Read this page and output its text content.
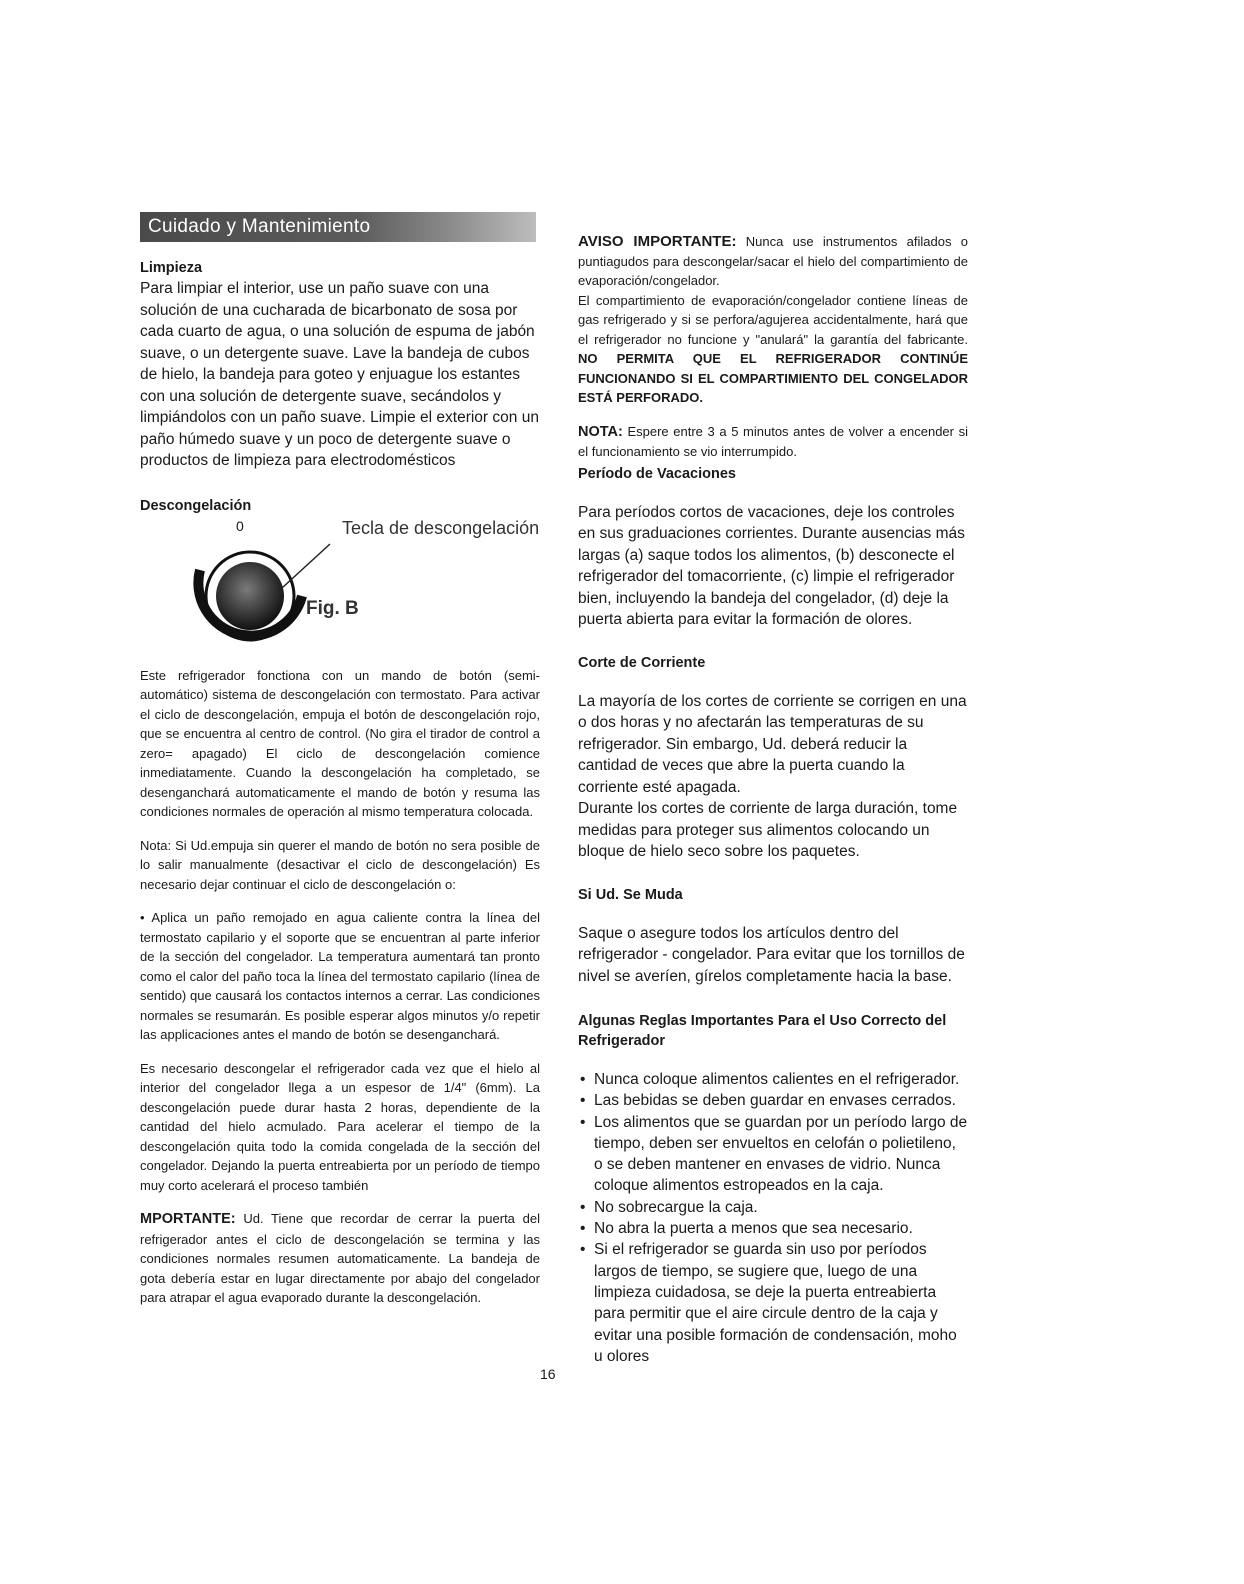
Cuidado y Mantenimiento

Limpieza

Para limpiar el interior, use un paño suave con una solución de una cucharada de bicarbonato de sosa por cada cuarto de agua, o una solución de espuma de jabón suave, o un detergente suave. Lave la bandeja de cubos de hielo, la bandeja para goteo y enjuague los estantes con una solución de detergente suave, secándolos y limpiándolos con un paño suave. Limpie el exterior con un paño húmedo suave y un poco de detergente suave o productos de limpieza para electrodomésticos

Descongelación

0	Tecla de descongelación
Fig. B

Este refrigerador fonctiona con un mando de botón (semi-automático) sistema de descongelación con termostato. Para activar el ciclo de descongelación, empuja el botón de descongelación rojo, que se encuentra al centro de control. (No gira el tirador de control a zero= apagado) El ciclo de descongelación comience inmediatamente. Cuando la descongelación ha completado, se desenganchará automaticamente el mando de botón y resuma las condiciones normales de operación al mismo temperatura colocada.

Nota: Si Ud.empuja sin querer el mando de botón no sera posible de lo salir manualmente (desactivar el ciclo de descongelación) Es necesario dejar continuar el ciclo de descongelación o:

• Aplica un paño remojado en agua caliente contra la línea del termostato capilario y el soporte que se encuentran al parte inferior de la sección del congelador. La temperatura aumentará tan pronto como el calor del paño toca la línea del termostato capilario (línea de sentido) que causará los contactos internos a cerrar. Las condiciones normales se resumarán. Es posible esperar algos minutos y/o repetir las applicaciones antes el mando de botón se desenganchará.

Es necesario descongelar el refrigerador cada vez que el hielo al interior del congelador llega a un espesor de 1/4" (6mm). La descongelación puede durar hasta 2 horas, dependiente de la cantidad del hielo acmulado. Para acelerar el tiempo de la descongelación quita todo la comida congelada de la sección del congelador. Dejando la puerta entreabierta por un período de tiempo muy corto acelerará el proceso también

MPORTANTE: Ud. Tiene que recordar de cerrar la puerta del refrigerador antes el ciclo de descongelación se termina y las condiciones normales resumen automaticamente. La bandeja de gota debería estar en lugar directamente por abajo del congelador para atrapar el agua evaporado durante la descongelación.

16

AVISO IMPORTANTE: Nunca use instrumentos afilados o puntiagudos para descongelar/sacar el hielo del compartimiento de evaporación/congelador.

El compartimiento de evaporación/congelador contiene líneas de gas refrigerado y si se perfora/agujerea accidentalmente, hará que el refrigerador no funcione y "anulará" la garantía del fabricante. NO PERMITA QUE EL REFRIGERADOR CONTINÚE FUNCIONANDO SI EL COMPARTIMIENTO DEL CONGELADOR ESTÁ PERFORADO.

NOTA: Espere entre 3 a 5 minutos antes de volver a encender si el funcionamiento se vio interrumpido.

Período de Vacaciones

Para períodos cortos de vacaciones, deje los controles en sus graduaciones corrientes. Durante ausencias más largas (a) saque todos los alimentos, (b) desconecte el refrigerador del tomacorriente, (c) limpie el refrigerador bien, incluyendo la bandeja del congelador, (d) deje la puerta abierta para evitar la formación de olores.

Corte de Corriente

La mayoría de los cortes de corriente se corrigen en una o dos horas y no afectarán las temperaturas de su refrigerador. Sin embargo, Ud. deberá reducir la cantidad de veces que abre la puerta cuando la corriente esté apagada.

Durante los cortes de corriente de larga duración, tome medidas para proteger sus alimentos colocando un bloque de hielo seco sobre los paquetes.

Si Ud. Se Muda

Saque o asegure todos los artículos dentro del refrigerador - congelador. Para evitar que los tornillos de nivel se averíen, gírelos completamente hacia la base.

Algunas Reglas Importantes Para el Uso Correcto del Refrigerador

• Nunca coloque alimentos calientes en el refrigerador.
• Las bebidas se deben guardar en envases cerrados.
• Los alimentos que se guardan por un período largo de tiempo, deben ser envueltos en celofán o polietileno, o se deben mantener en envases de vidrio. Nunca coloque alimentos estropeados en la caja.
• No sobrecargue la caja.
• No abra la puerta a menos que sea necesario.
• Si el refrigerador se guarda sin uso por períodos largos de tiempo, se sugiere que, luego de una limpieza cuidadosa, se deje la puerta entreabierta para permitir que el aire circule dentro de la caja y evitar una posible formación de condensación, moho u olores
